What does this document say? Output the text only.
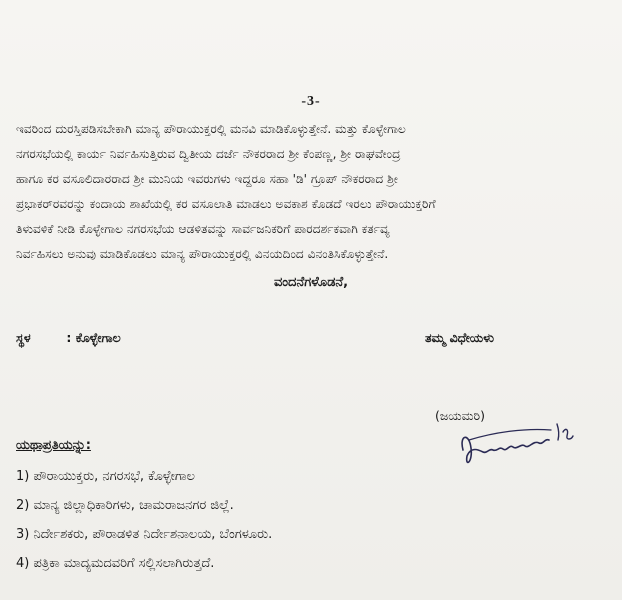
-3-
ಇವರಿಂದ ದುರಸ್ತಿಪಡಿಸಬೇಕಾಗಿ ಮಾನ್ಯ ಪೌರಾಯುಕ್ತರಲ್ಲಿ ಮನವಿ ಮಾಡಿಕೊಳ್ಳುತ್ತೇನೆ. ಮತ್ತು ಕೊಳ್ಳೇಗಾಲ
ನಗರಸಭೆಯಲ್ಲಿ ಕಾರ್ಯ ನಿರ್ವಹಿಸುತ್ತಿರುವ ದ್ವಿತೀಯ ದರ್ಜೆ ನೌಕರರಾದ ಶ್ರೀ ಕೆಂಪಣ್ಣ, ಶ್ರೀ ರಾಘವೇಂದ್ರ
ಹಾಗೂ ಕರ ವಸೂಲಿದಾರರಾದ ಶ್ರೀ ಮುನಿಯ ಇವರುಗಳು ಇದ್ದರೂ ಸಹಾ 'ಡಿ' ಗ್ರೂಪ್ ನೌಕರರಾದ ಶ್ರೀ
ಪ್ರಭಾಕರ್‌ರವರನ್ನು ಕಂದಾಯ ಶಾಖೆಯಲ್ಲಿ ಕರ ವಸೂಲಾತಿ ಮಾಡಲು ಅವಕಾಶ ಕೊಡದೆ ಇರಲು ಪೌರಾಯುಕ್ತರಿಗೆ
ತಿಳುವಳಿಕೆ ನೀಡಿ ಕೊಳ್ಳೇಗಾಲ ನಗರಸಭೆಯ ಆಡಳಿತವನ್ನು ಸಾರ್ವಜನಿಕರಿಗೆ ಪಾರದರ್ಶಕವಾಗಿ ಕರ್ತವ್ಯ
ನಿರ್ವಹಿಸಲು ಅನುವು ಮಾಡಿಕೊಡಲು ಮಾನ್ಯ ಪೌರಾಯುಕ್ತರಲ್ಲಿ ವಿನಯದಿಂದ ವಿನಂತಿಸಿಕೊಳ್ಳುತ್ತೇನೆ.
ವಂದನೆಗಳೊಡನೆ,
ಸ್ಥಳ	: ಕೊಳ್ಳೇಗಾಲ	ತಮ್ಮ ವಿಧೇಯಳು
(ಜಯಮರಿ)
ಯಥಾಪ್ರತಿಯನ್ನು:
1) ಪೌರಾಯುಕ್ತರು, ನಗರಸಭೆ, ಕೊಳ್ಳೇಗಾಲ
2) ಮಾನ್ಯ ಜಿಲ್ಲಾಧಿಕಾರಿಗಳು, ಚಾಮರಾಜನಗರ ಜಿಲ್ಲೆ.
3) ನಿರ್ದೇಶಕರು, ಪೌರಾಡಳಿತ ನಿರ್ದೇಶನಾಲಯ, ಬೆಂಗಳೂರು.
4) ಪತ್ರಿಕಾ ಮಾದ್ಯಮದವರಿಗೆ ಸಲ್ಲಿಸಲಾಗಿರುತ್ತದೆ.
